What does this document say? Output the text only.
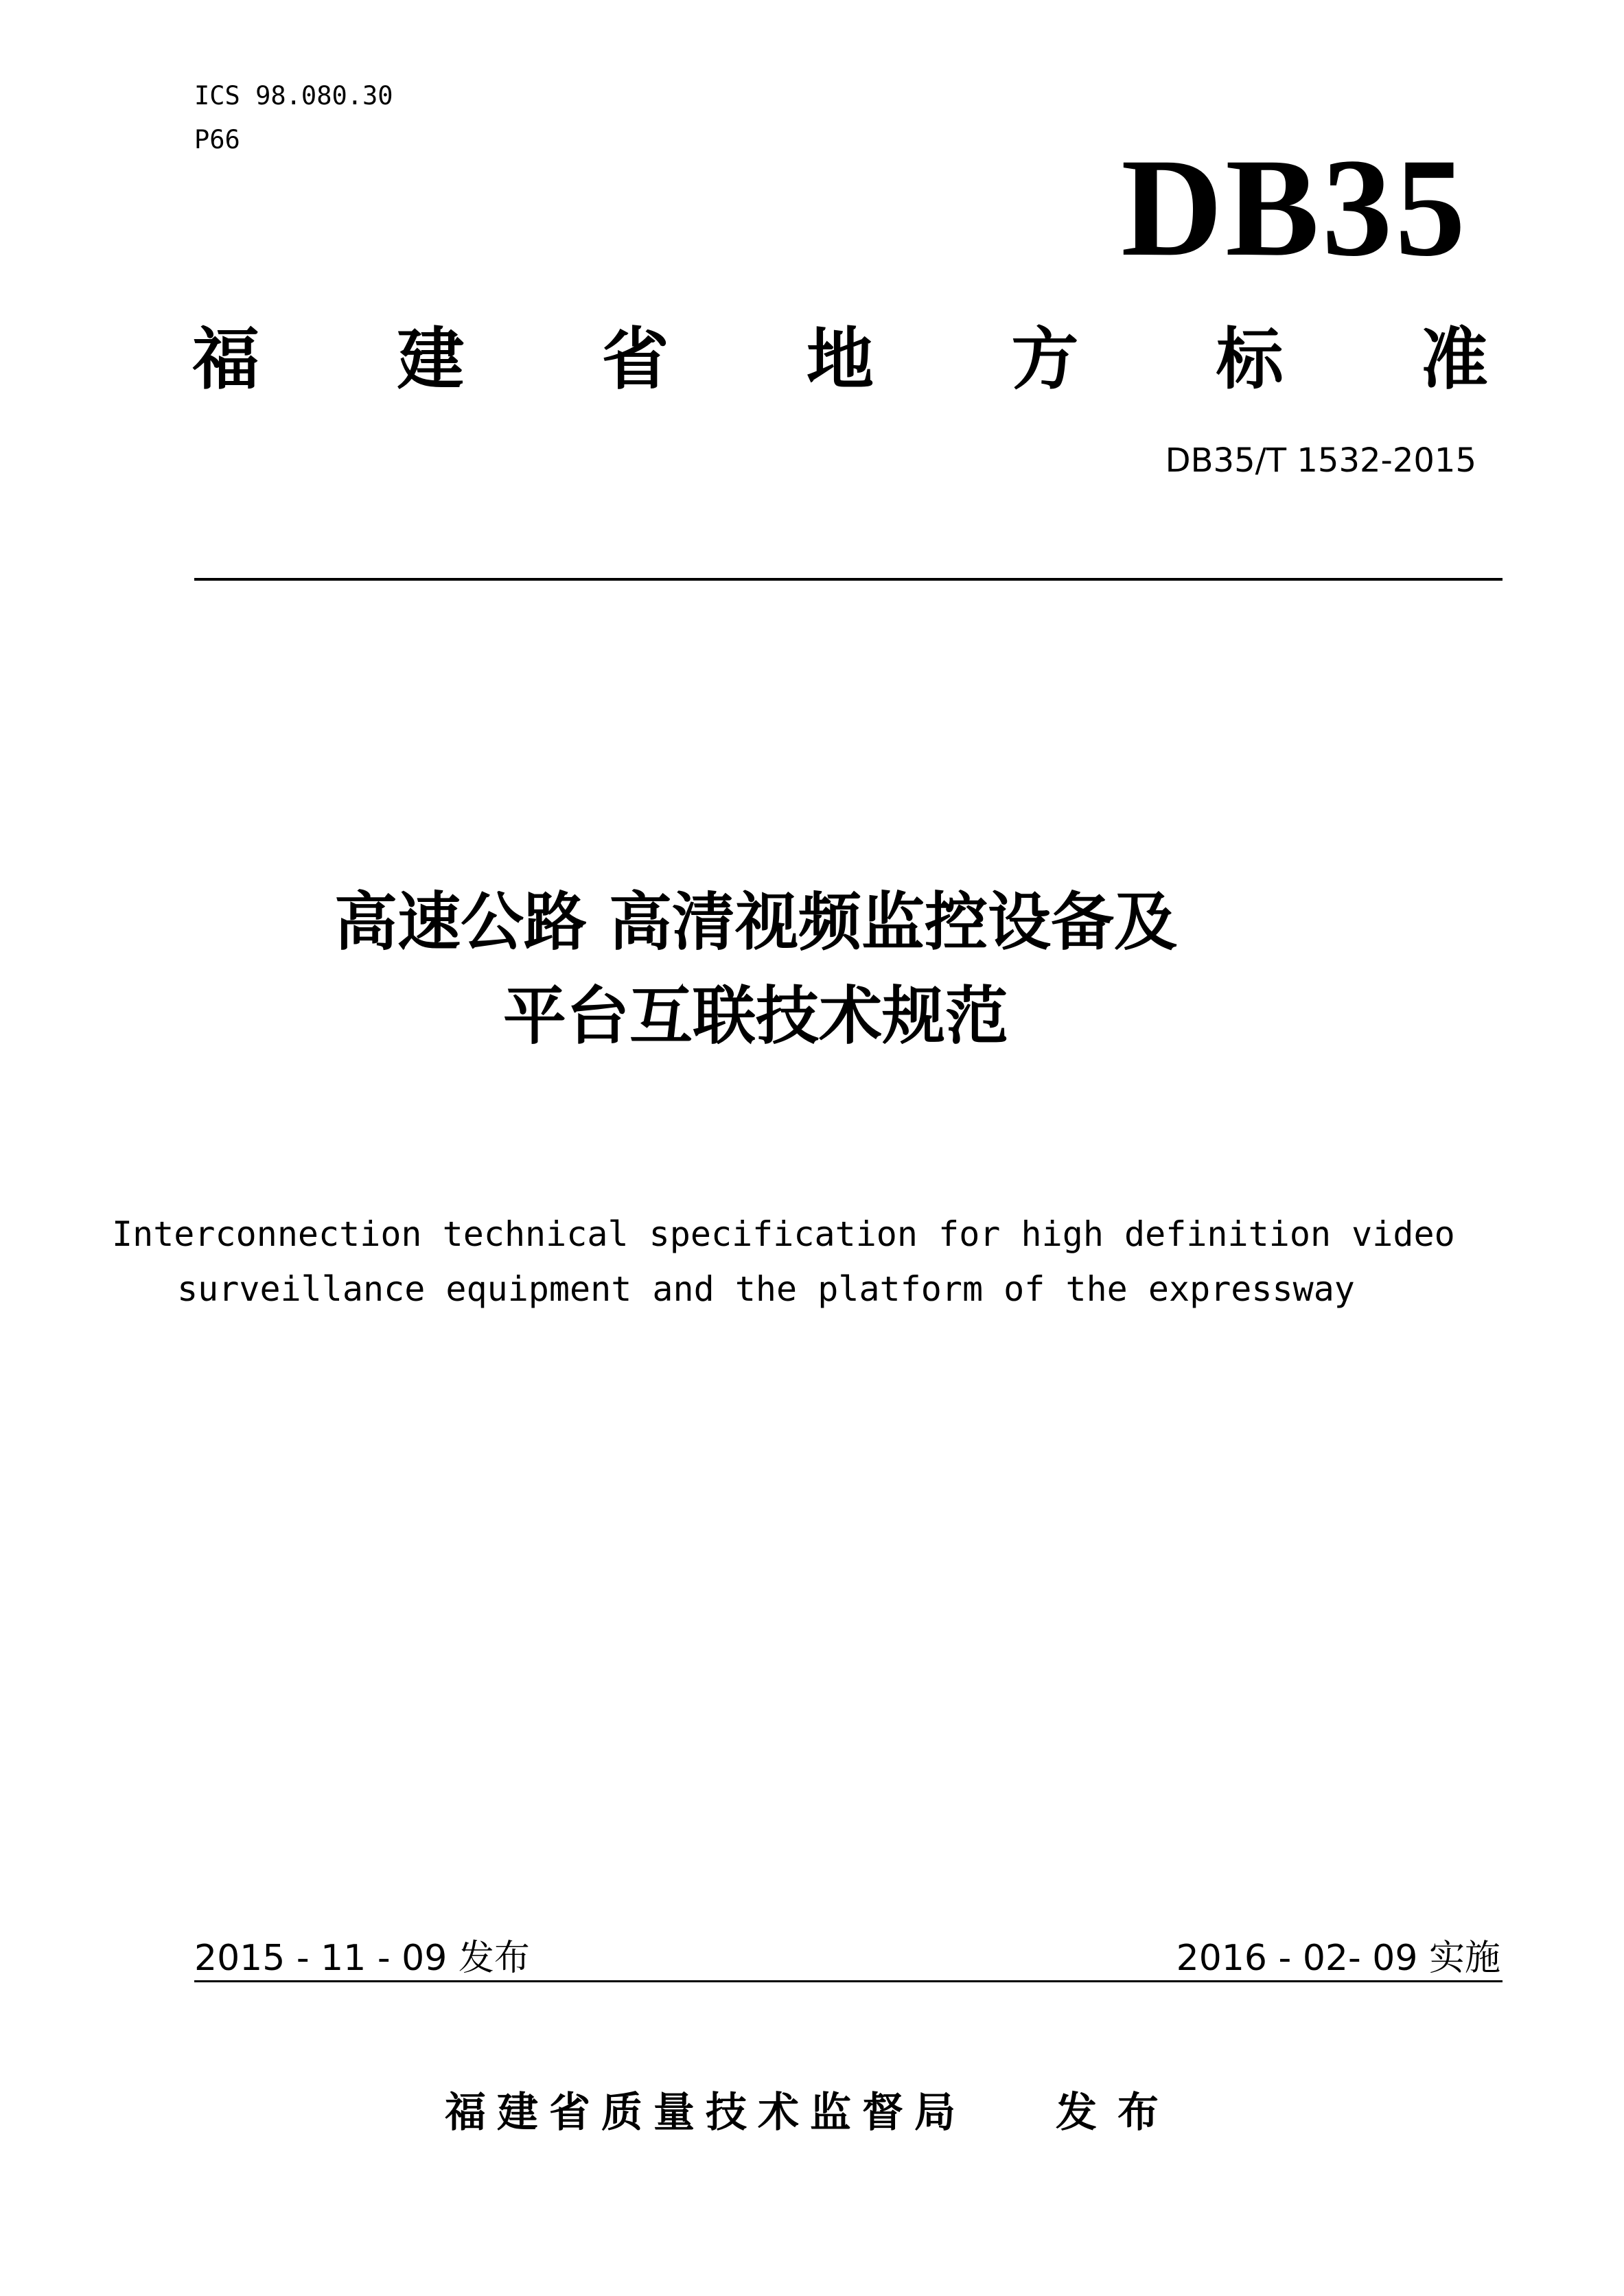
ICS 98.080.30
P66	DB35
福 建 省 地 方 标 准
DB35/T 1532-2015
高速公路 高清视频监控设备及
平台互联技术规范
Interconnection technical specification for high definition video
surveillance equipment and the platform of the expressway
2015 - 11 - 09 发布	2016 - 02- 09 实施
福建省质量技术监督局 发布
